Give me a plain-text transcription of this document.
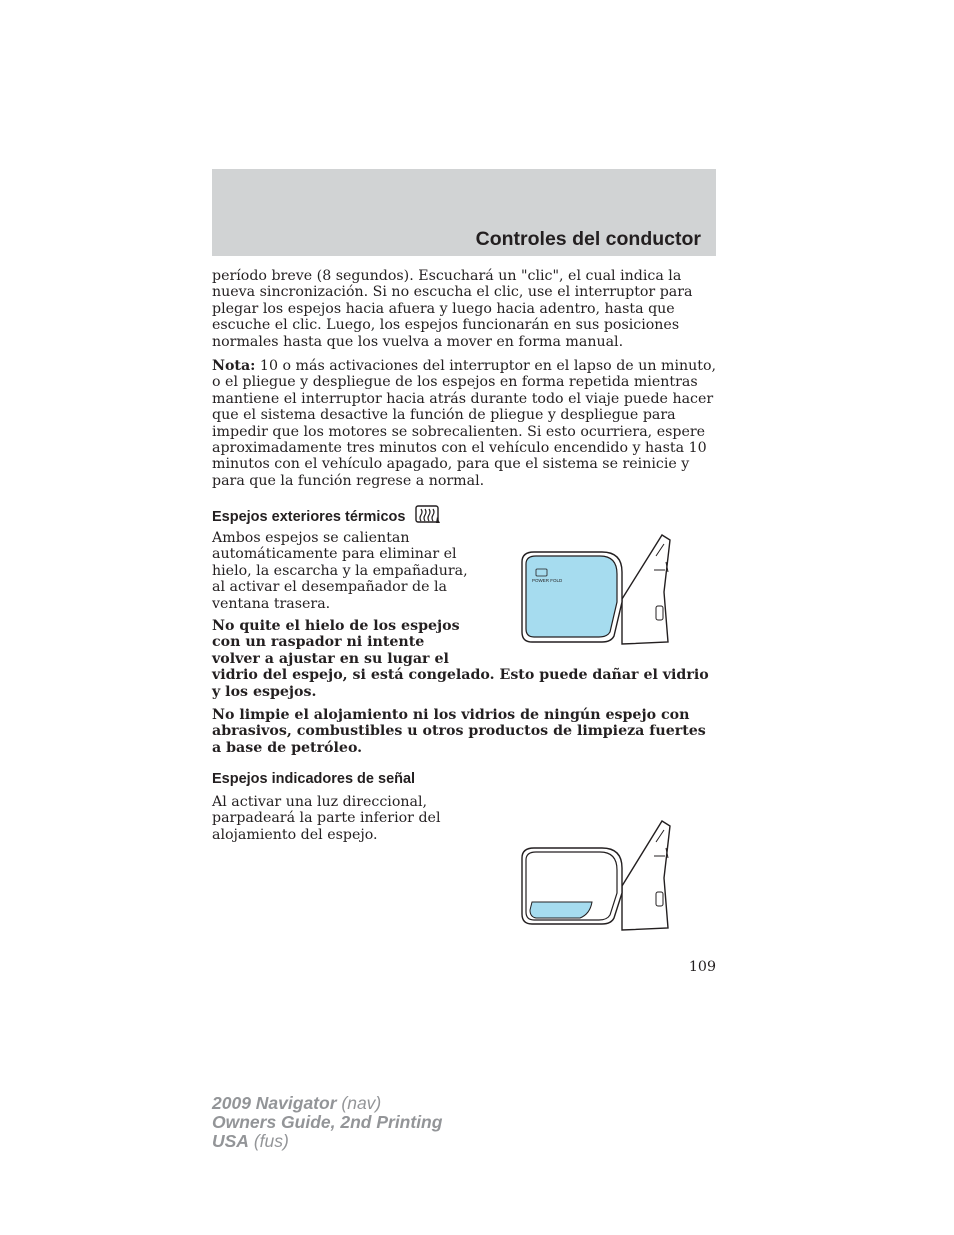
Controles del conductor

período breve (8 segundos). Escuchará un "clic", el cual indica la nueva sincronización. Si no escucha el clic, use el interruptor para plegar los espejos hacia afuera y luego hacia adentro, hasta que escuche el clic. Luego, los espejos funcionarán en sus posiciones normales hasta que los vuelva a mover en forma manual.

Nota: 10 o más activaciones del interruptor en el lapso de un minuto, o el pliegue y despliegue de los espejos en forma repetida mientras mantiene el interruptor hacia atrás durante todo el viaje puede hacer que el sistema desactive la función de pliegue y despliegue para impedir que los motores se sobrecalienten. Si esto ocurriera, espere aproximadamente tres minutos con el vehículo encendido y hasta 10 minutos con el vehículo apagado, para que el sistema se reinicie y para que la función regrese a normal.

Espejos exteriores térmicos

Ambos espejos se calientan automáticamente para eliminar el hielo, la escarcha y la empañadura, al activar el desempañador de la ventana trasera.

No quite el hielo de los espejos con un raspador ni intente volver a ajustar en su lugar el vidrio del espejo, si está congelado. Esto puede dañar el vidrio y los espejos.

No limpie el alojamiento ni los vidrios de ningún espejo con abrasivos, combustibles u otros productos de limpieza fuertes a base de petróleo.

POWER FOLD
Espejos indicadores de señal

Al activar una luz direccional, parpadeará la parte inferior del alojamiento del espejo.

109
2009 Navigator (nav)
Owners Guide, 2nd Printing
USA (fus)
